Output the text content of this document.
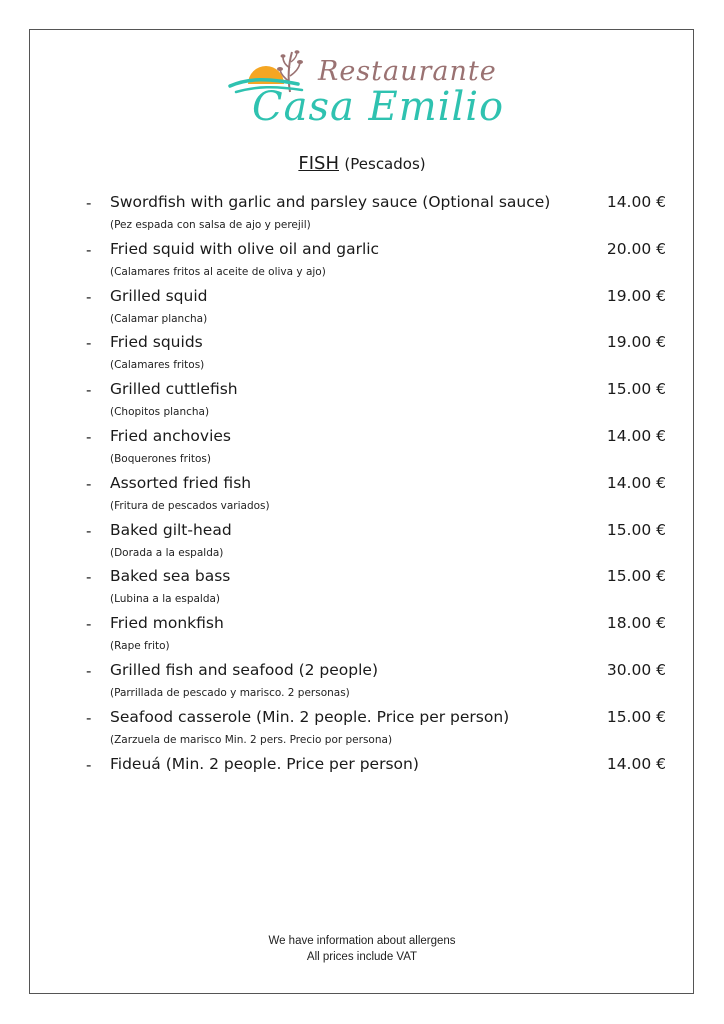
Restaurante
Casa Emilio
FISH (Pescados)
- Swordfish with garlic and parsley sauce (Optional sauce)
(Pez espada con salsa de ajo y perejil)
14.00 €
- Fried squid with olive oil and garlic
(Calamares fritos al aceite de oliva y ajo)
20.00 €
- Grilled squid
(Calamar plancha)
19.00 €
- Fried squids
(Calamares fritos)
19.00 €
- Grilled cuttlefish
(Chopitos plancha)
15.00 €
- Fried anchovies
(Boquerones fritos)
14.00 €
- Assorted fried fish
(Fritura de pescados variados)
14.00 €
- Baked gilt-head
(Dorada a la espalda)
15.00 €
- Baked sea bass
(Lubina a la espalda)
15.00 €
- Fried monkfish
(Rape frito)
18.00 €
- Grilled fish and seafood (2 people)
(Parrillada de pescado y marisco. 2 personas)
30.00 €
- Seafood casserole (Min. 2 people. Price per person)
(Zarzuela de marisco Min. 2 pers. Precio por persona)
15.00 €
- Fideuá (Min. 2 people. Price per person)	14.00 €
We have information about allergens
All prices include VAT
